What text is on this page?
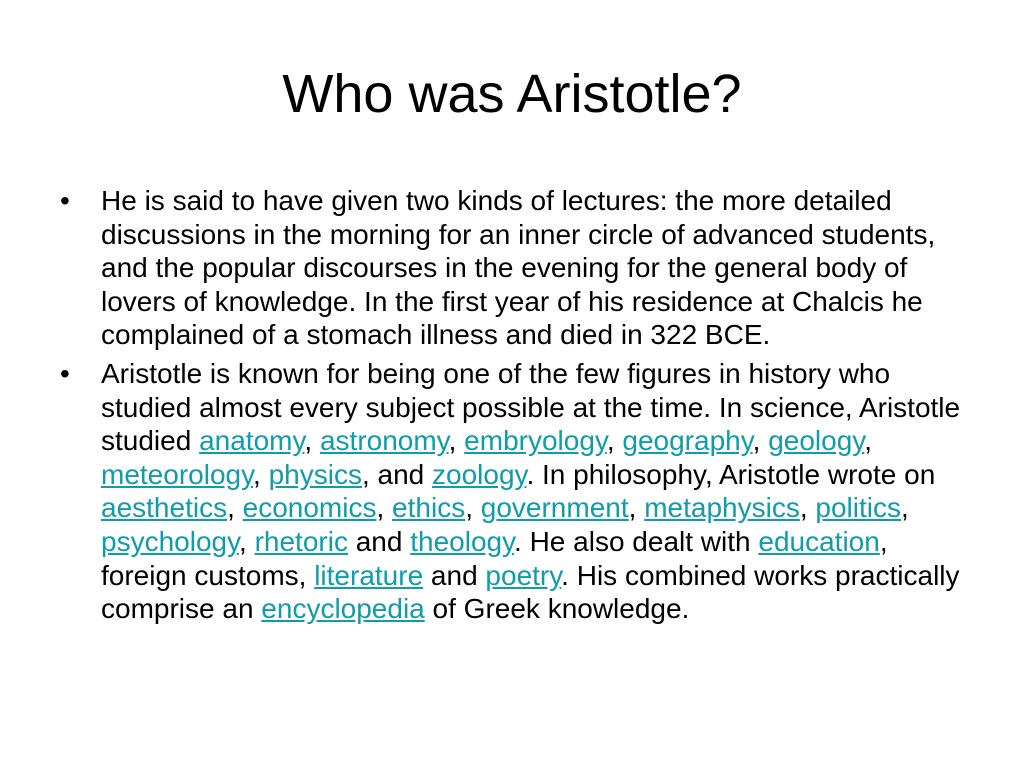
Who was Aristotle?
•	He is said to have given two kinds of lectures: the more detailed discussions in the morning for an inner circle of advanced students, and the popular discourses in the evening for the general body of lovers of knowledge. In the first year of his residence at Chalcis he complained of a stomach illness and died in 322 BCE.
•	Aristotle is known for being one of the few figures in history who studied almost every subject possible at the time. In science, Aristotle studied anatomy, astronomy, embryology, geography, geology, meteorology, physics, and zoology. In philosophy, Aristotle wrote on aesthetics, economics, ethics, government, metaphysics, politics, psychology, rhetoric and theology. He also dealt with education, foreign customs, literature and poetry. His combined works practically comprise an encyclopedia of Greek knowledge.
